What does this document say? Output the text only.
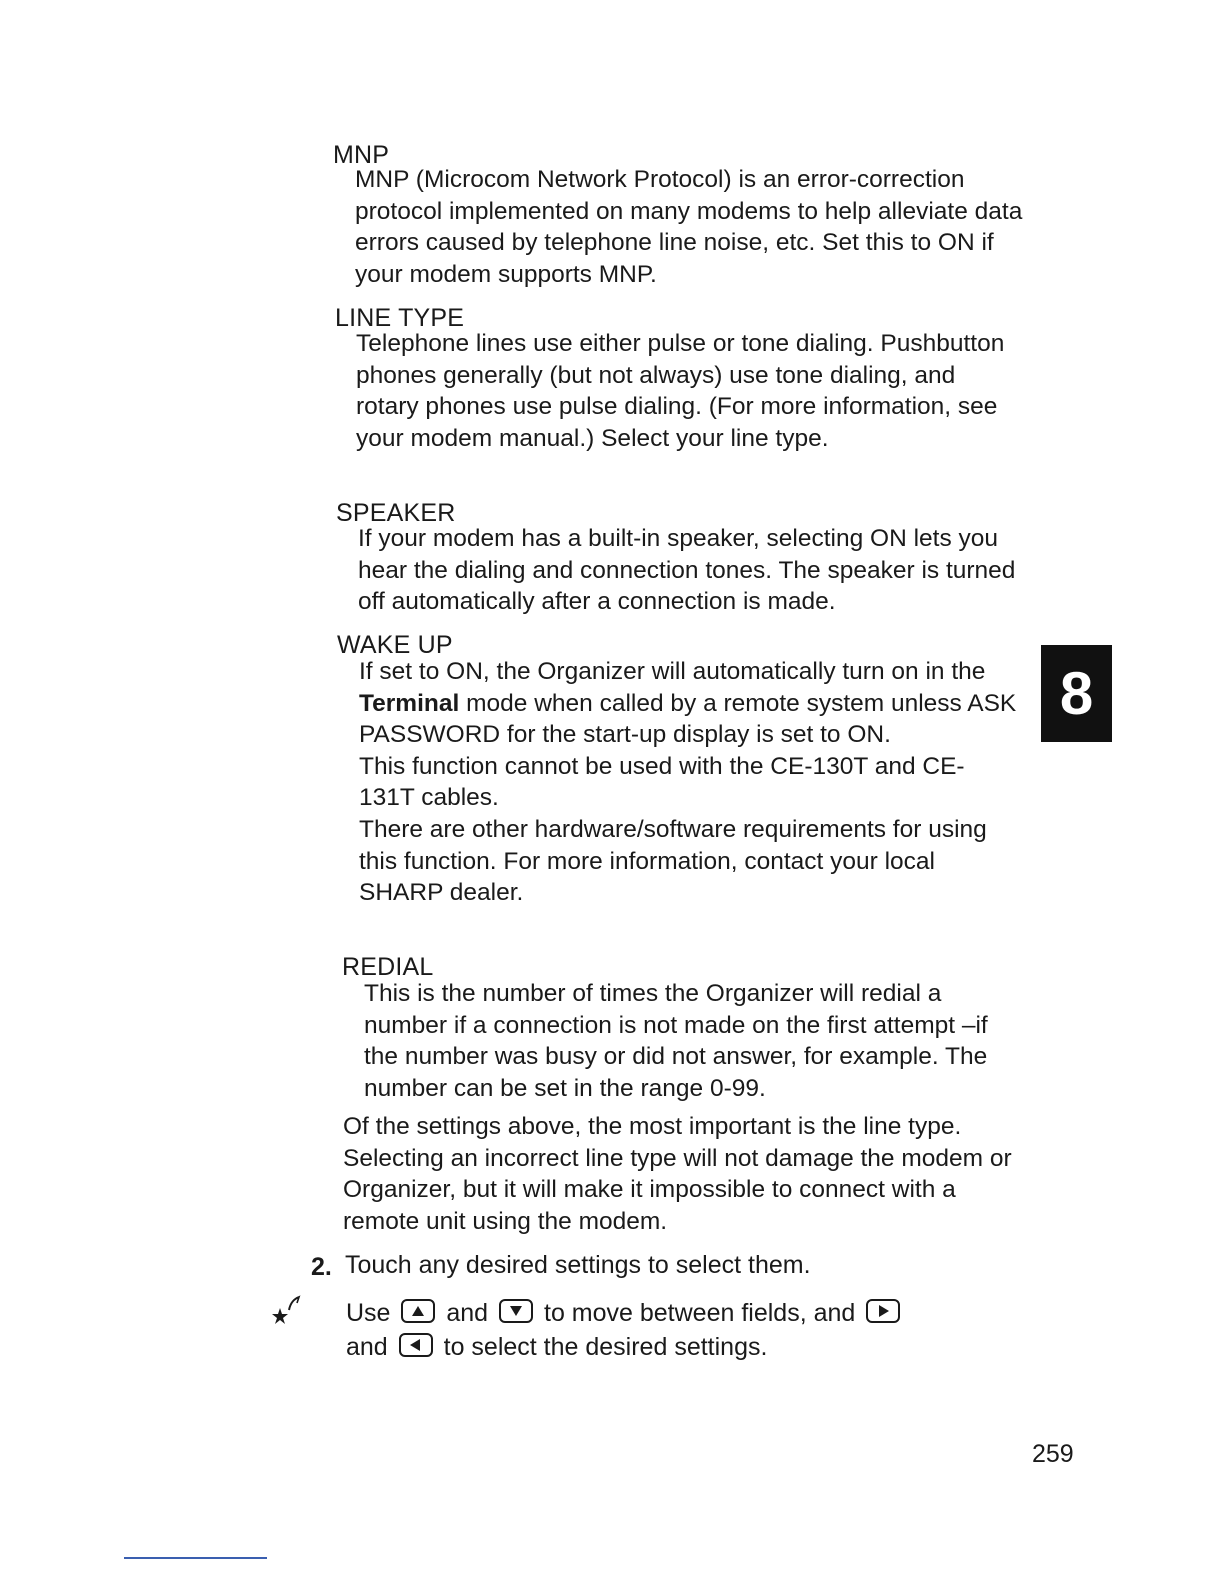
MNP

MNP (Microcom Network Protocol) is an error-correction protocol implemented on many modems to help alleviate data errors caused by telephone line noise, etc. Set this to ON if your modem supports MNP.

LINE TYPE

Telephone lines use either pulse or tone dialing. Pushbutton phones generally (but not always) use tone dialing, and rotary phones use pulse dialing. (For more information, see your modem manual.) Select your line type.

SPEAKER

If your modem has a built-in speaker, selecting ON lets you hear the dialing and connection tones. The speaker is turned off automatically after a connection is made.

WAKE UP

If set to ON, the Organizer will automatically turn on in the Terminal mode when called by a remote system unless ASK PASSWORD for the start-up display is set to ON.

This function cannot be used with the CE-130T and CE-131T cables.

There are other hardware/software requirements for using this function. For more information, contact your local SHARP dealer.

REDIAL

This is the number of times the Organizer will redial a number if a connection is not made on the first attempt –if the number was busy or did not answer, for example. The number can be set in the range 0-99.

Of the settings above, the most important is the line type. Selecting an incorrect line type will not damage the modem or Organizer, but it will make it impossible to connect with a remote unit using the modem.
2. Touch any desired settings to select them.
Use and to move between fields, and
and to select the desired settings.
8
259
